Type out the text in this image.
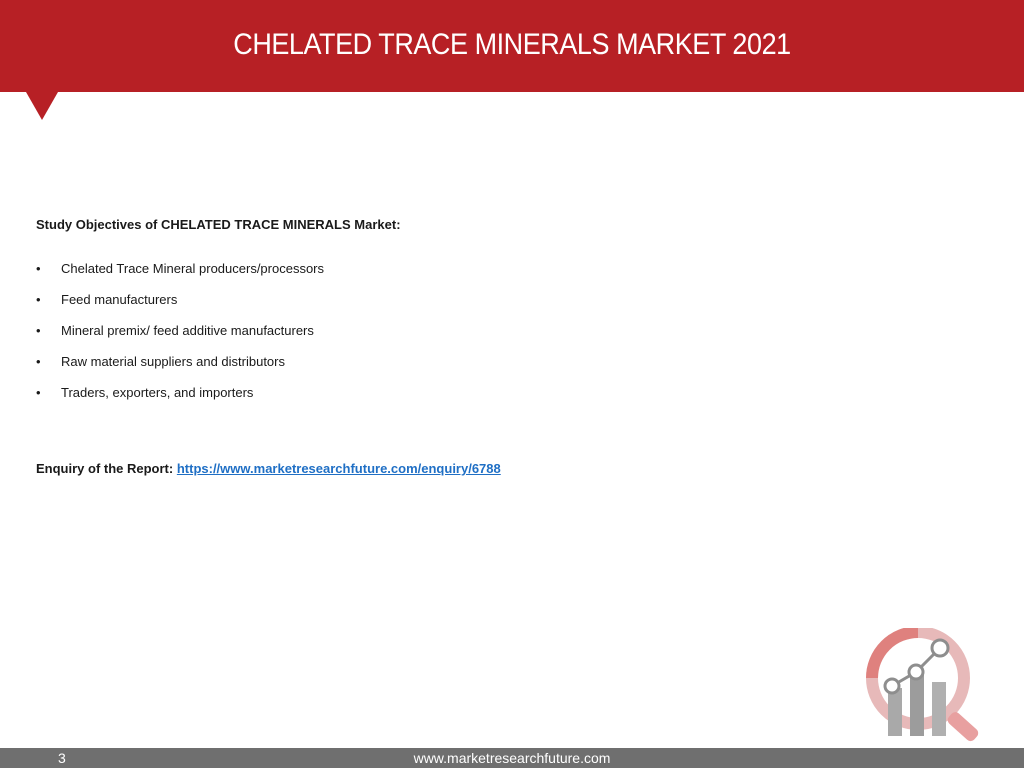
CHELATED TRACE MINERALS MARKET 2021

Study Objectives of CHELATED TRACE MINERALS Market:

• Chelated Trace Mineral producers/processors
• Feed manufacturers
• Mineral premix/ feed additive manufacturers
• Raw material suppliers and distributors
• Traders, exporters, and importers
Enquiry of the Report: https://www.marketresearchfuture.com/enquiry/6788
3	www.marketresearchfuture.com
